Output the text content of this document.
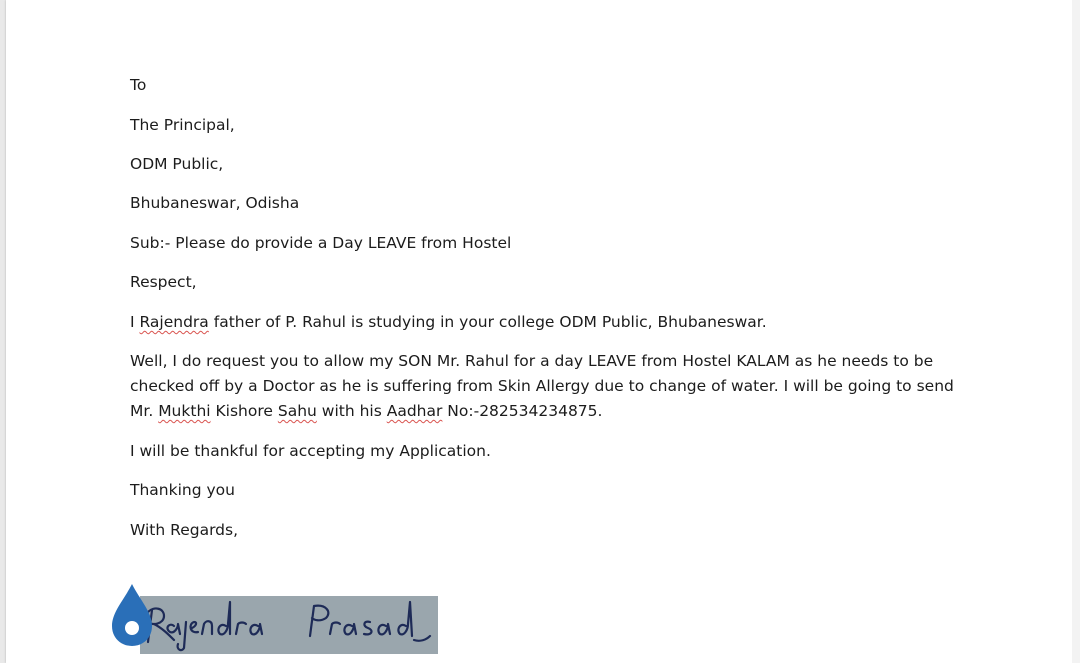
To

The Principal,

ODM Public,

Bhubaneswar, Odisha

Sub:- Please do provide a Day LEAVE from Hostel

Respect,

I Rajendra father of P. Rahul is studying in your college ODM Public, Bhubaneswar.

Well, I do request you to allow my SON Mr. Rahul for a day LEAVE from Hostel KALAM as he needs to be checked off by a Doctor as he is suffering from Skin Allergy due to change of water. I will be going to send Mr. Mukthi Kishore Sahu with his Aadhar No:-282534234875.

I will be thankful for accepting my Application.

Thanking you

With Regards,
